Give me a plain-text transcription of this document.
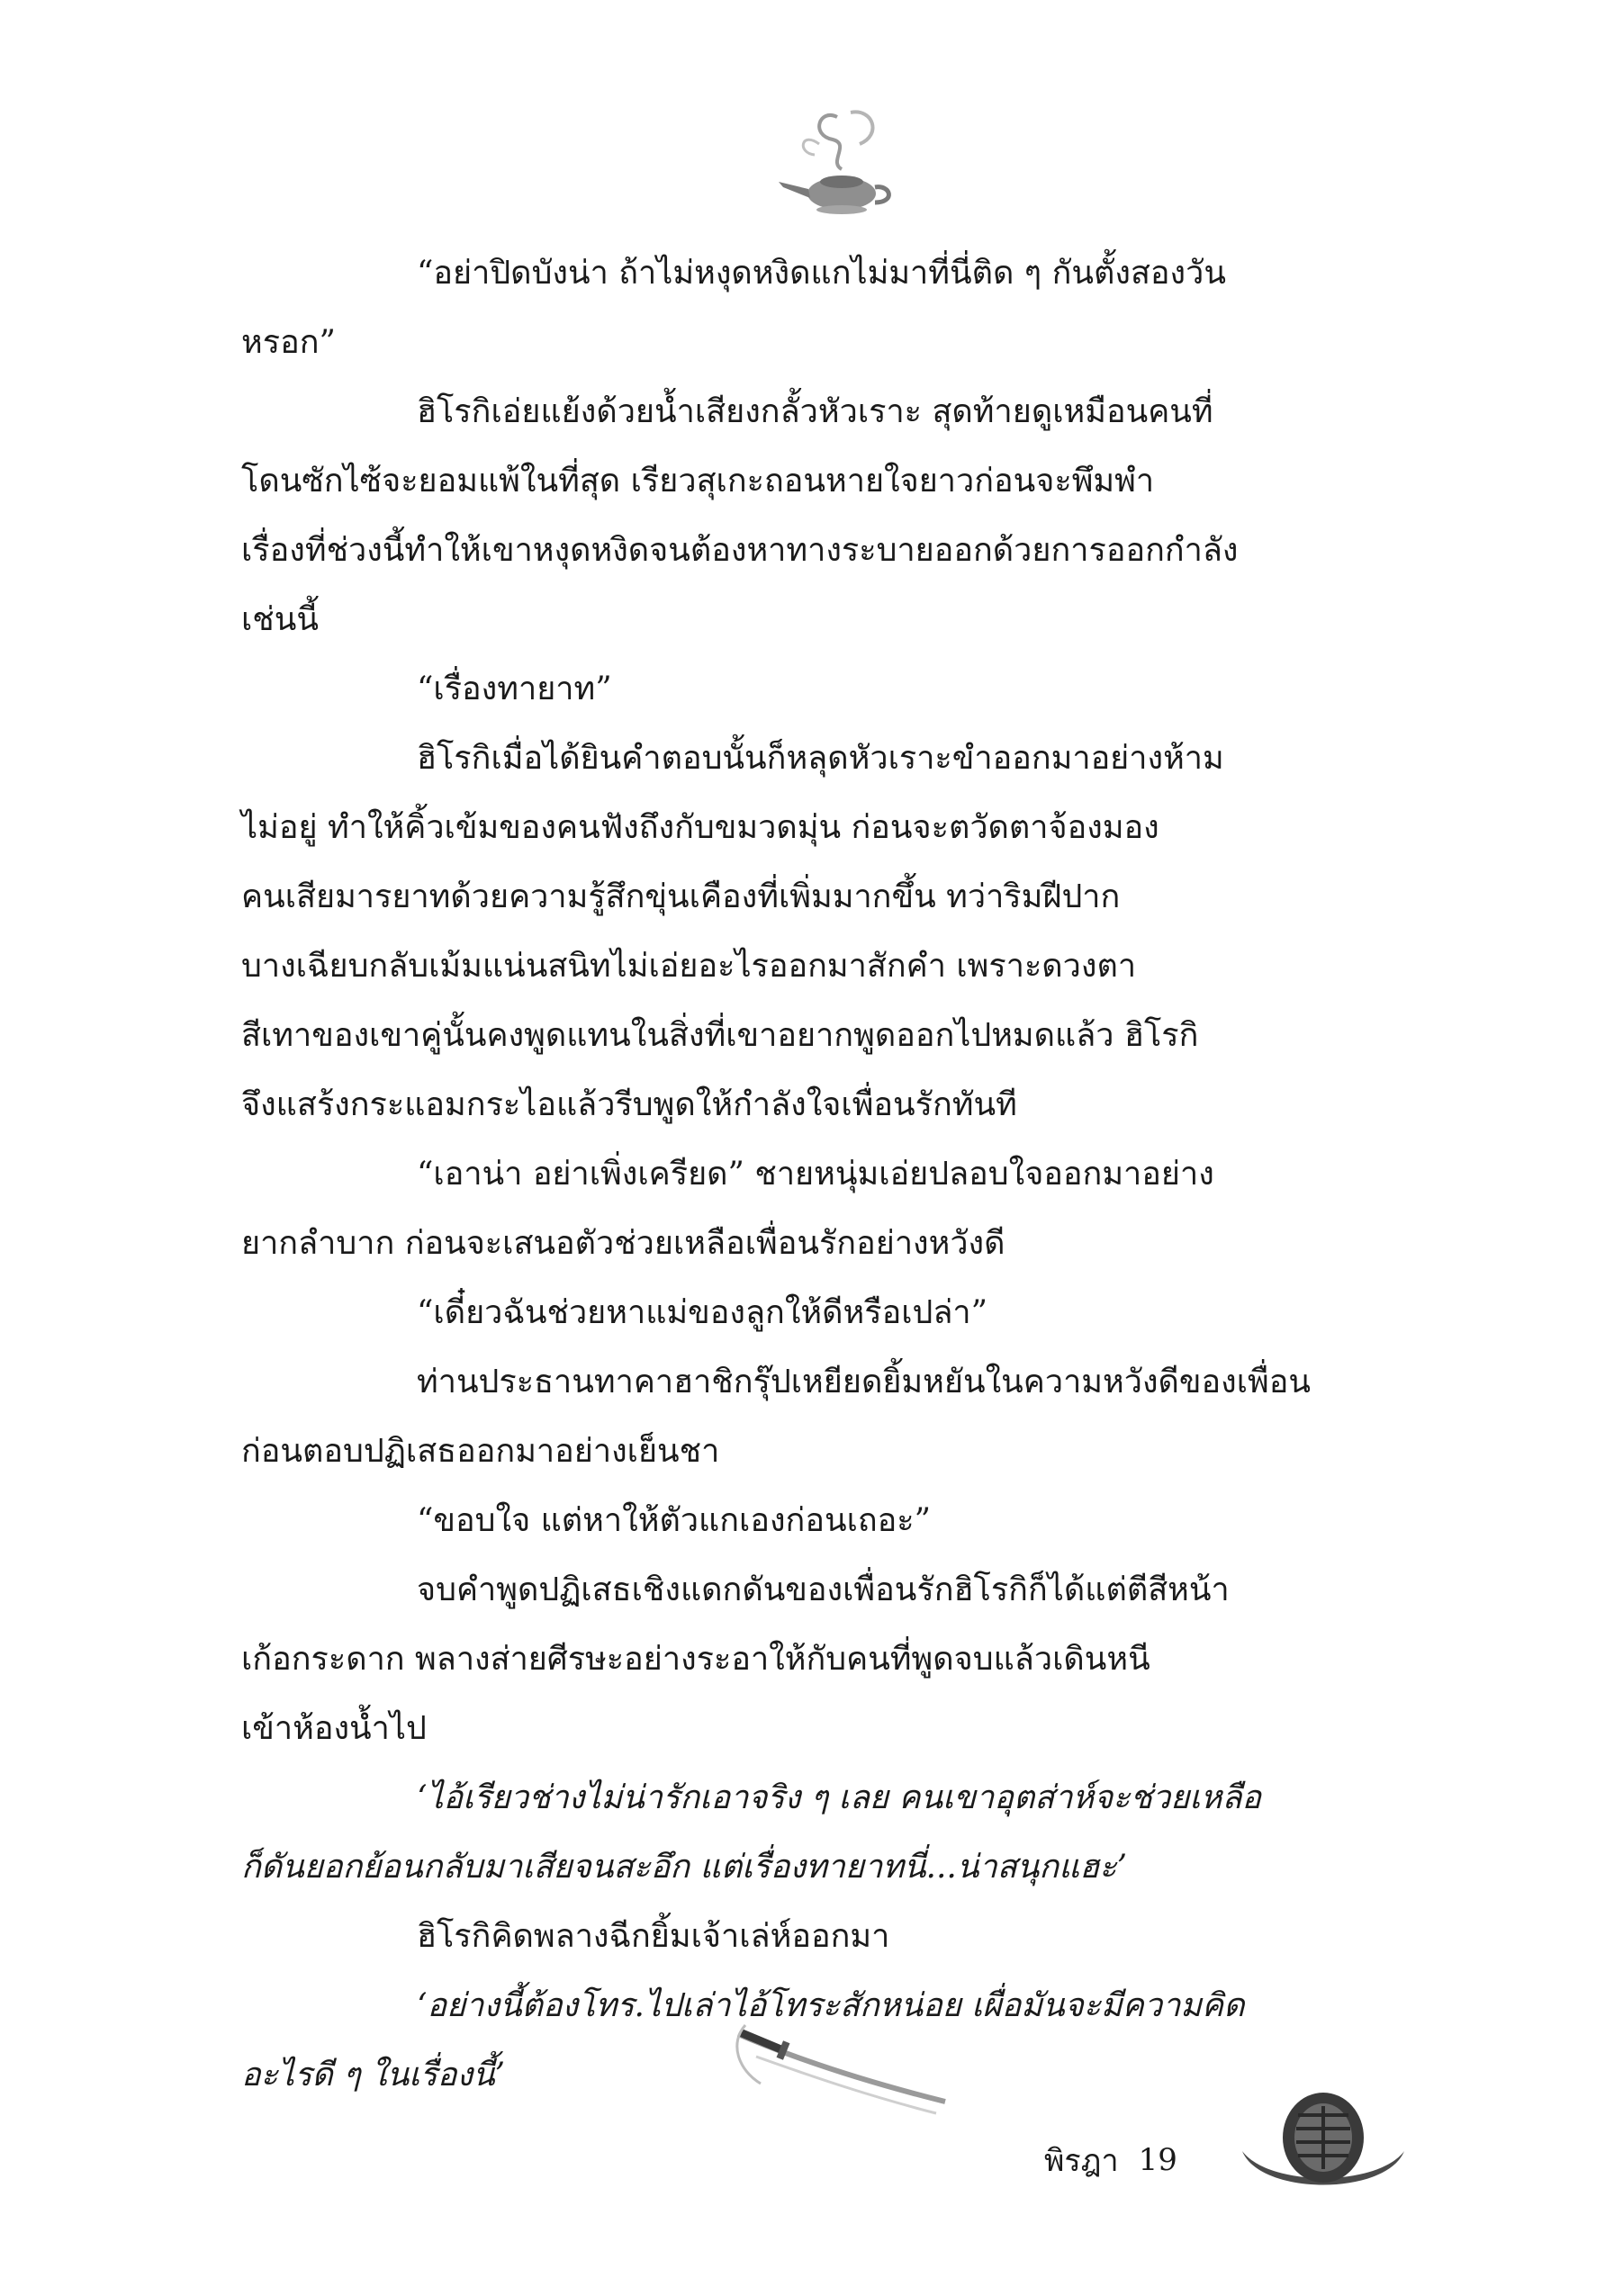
“อย่าปิดบังน่า ถ้าไม่หงุดหงิดแกไม่มาที่นี่ติด ๆ กันตั้งสองวัน
หรอก”

ฮิโรกิเอ่ยแย้งด้วยน้ำเสียงกลั้วหัวเราะ สุดท้ายดูเหมือนคนที่
โดนซักไซ้จะยอมแพ้ในที่สุด เรียวสุเกะถอนหายใจยาวก่อนจะพึมพำ
เรื่องที่ช่วงนี้ทำให้เขาหงุดหงิดจนต้องหาทางระบายออกด้วยการออกกำลัง
เช่นนี้

“เรื่องทายาท”

ฮิโรกิเมื่อได้ยินคำตอบนั้นก็หลุดหัวเราะขำออกมาอย่างห้าม
ไม่อยู่ ทำให้คิ้วเข้มของคนฟังถึงกับขมวดมุ่น ก่อนจะตวัดตาจ้องมอง
คนเสียมารยาทด้วยความรู้สึกขุ่นเคืองที่เพิ่มมากขึ้น ทว่าริมฝีปาก
บางเฉียบกลับเม้มแน่นสนิทไม่เอ่ยอะไรออกมาสักคำ เพราะดวงตา
สีเทาของเขาคู่นั้นคงพูดแทนในสิ่งที่เขาอยากพูดออกไปหมดแล้ว ฮิโรกิ
จึงแสร้งกระแอมกระไอแล้วรีบพูดให้กำลังใจเพื่อนรักทันที

“เอาน่า อย่าเพิ่งเครียด” ชายหนุ่มเอ่ยปลอบใจออกมาอย่าง
ยากลำบาก ก่อนจะเสนอตัวช่วยเหลือเพื่อนรักอย่างหวังดี

“เดี๋ยวฉันช่วยหาแม่ของลูกให้ดีหรือเปล่า”

ท่านประธานทาคาฮาชิกรุ๊ปเหยียดยิ้มหยันในความหวังดีของเพื่อน
ก่อนตอบปฏิเสธออกมาอย่างเย็นชา

“ขอบใจ แต่หาให้ตัวแกเองก่อนเถอะ”

จบคำพูดปฏิเสธเชิงแดกดันของเพื่อนรักฮิโรกิก็ได้แต่ตีสีหน้า
เก้อกระดาก พลางส่ายศีรษะอย่างระอาให้กับคนที่พูดจบแล้วเดินหนี
เข้าห้องน้ำไป

‘ไอ้เรียวช่างไม่น่ารักเอาจริง ๆ เลย คนเขาอุตส่าห์จะช่วยเหลือ
ก็ดันยอกย้อนกลับมาเสียจนสะอึก แต่เรื่องทายาทนี่...น่าสนุกแฮะ’

ฮิโรกิคิดพลางฉีกยิ้มเจ้าเล่ห์ออกมา

‘อย่างนี้ต้องโทร.ไปเล่าไอ้โทระสักหน่อย เผื่อมันจะมีความคิด
อะไรดี ๆ ในเรื่องนี้’

พิรฎา 19
